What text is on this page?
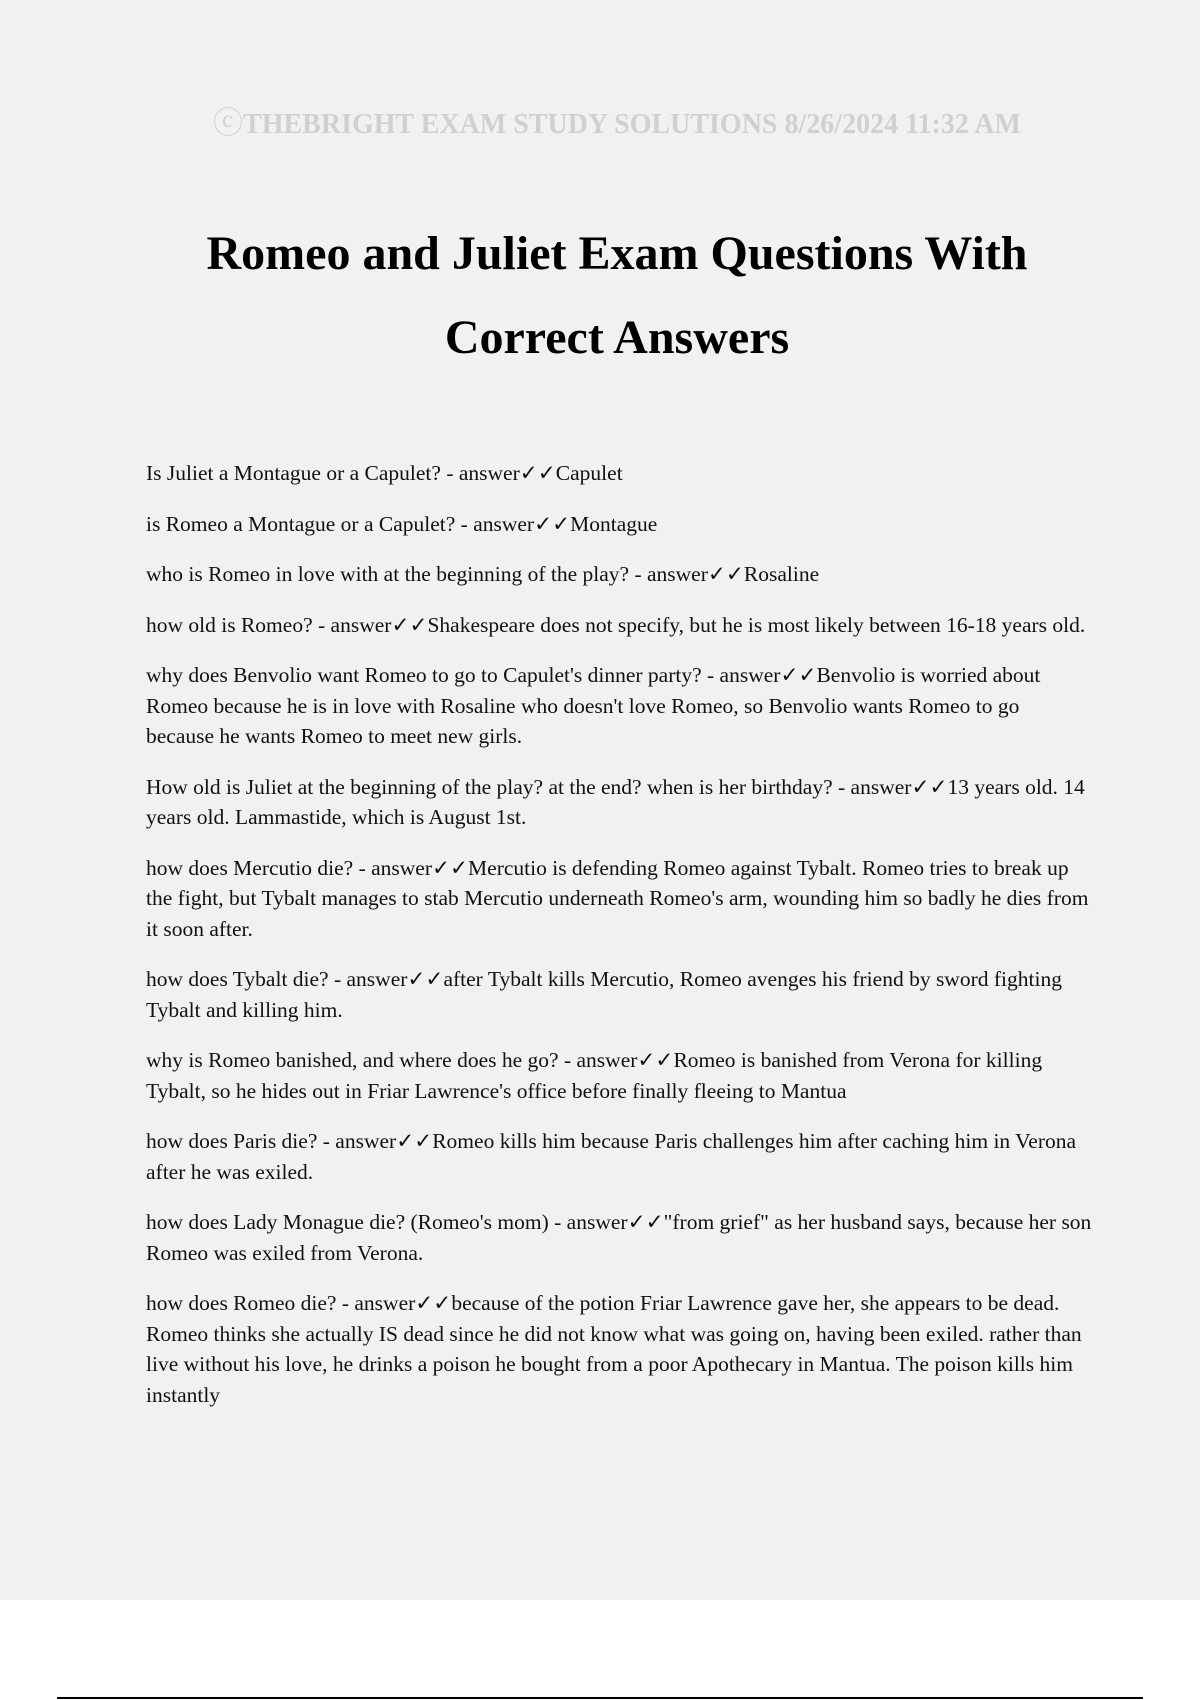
ⓒTHEBRIGHT EXAM STUDY SOLUTIONS 8/26/2024 11:32 AM
Romeo and Juliet Exam Questions With Correct Answers
Is Juliet a Montague or a Capulet? - answer✓✓Capulet
is Romeo a Montague or a Capulet? - answer✓✓Montague
who is Romeo in love with at the beginning of the play? - answer✓✓Rosaline
how old is Romeo? - answer✓✓Shakespeare does not specify, but he is most likely between 16-18 years old.
why does Benvolio want Romeo to go to Capulet's dinner party? - answer✓✓Benvolio is worried about Romeo because he is in love with Rosaline who doesn't love Romeo, so Benvolio wants Romeo to go because he wants Romeo to meet new girls.
How old is Juliet at the beginning of the play? at the end? when is her birthday? - answer✓✓13 years old. 14 years old. Lammastide, which is August 1st.
how does Mercutio die? - answer✓✓Mercutio is defending Romeo against Tybalt. Romeo tries to break up the fight, but Tybalt manages to stab Mercutio underneath Romeo's arm, wounding him so badly he dies from it soon after.
how does Tybalt die? - answer✓✓after Tybalt kills Mercutio, Romeo avenges his friend by sword fighting Tybalt and killing him.
why is Romeo banished, and where does he go? - answer✓✓Romeo is banished from Verona for killing Tybalt, so he hides out in Friar Lawrence's office before finally fleeing to Mantua
how does Paris die? - answer✓✓Romeo kills him because Paris challenges him after caching him in Verona after he was exiled.
how does Lady Monague die? (Romeo's mom) - answer✓✓"from grief" as her husband says, because her son Romeo was exiled from Verona.
how does Romeo die? - answer✓✓because of the potion Friar Lawrence gave her, she appears to be dead. Romeo thinks she actually IS dead since he did not know what was going on, having been exiled. rather than live without his love, he drinks a poison he bought from a poor Apothecary in Mantua. The poison kills him instantly
